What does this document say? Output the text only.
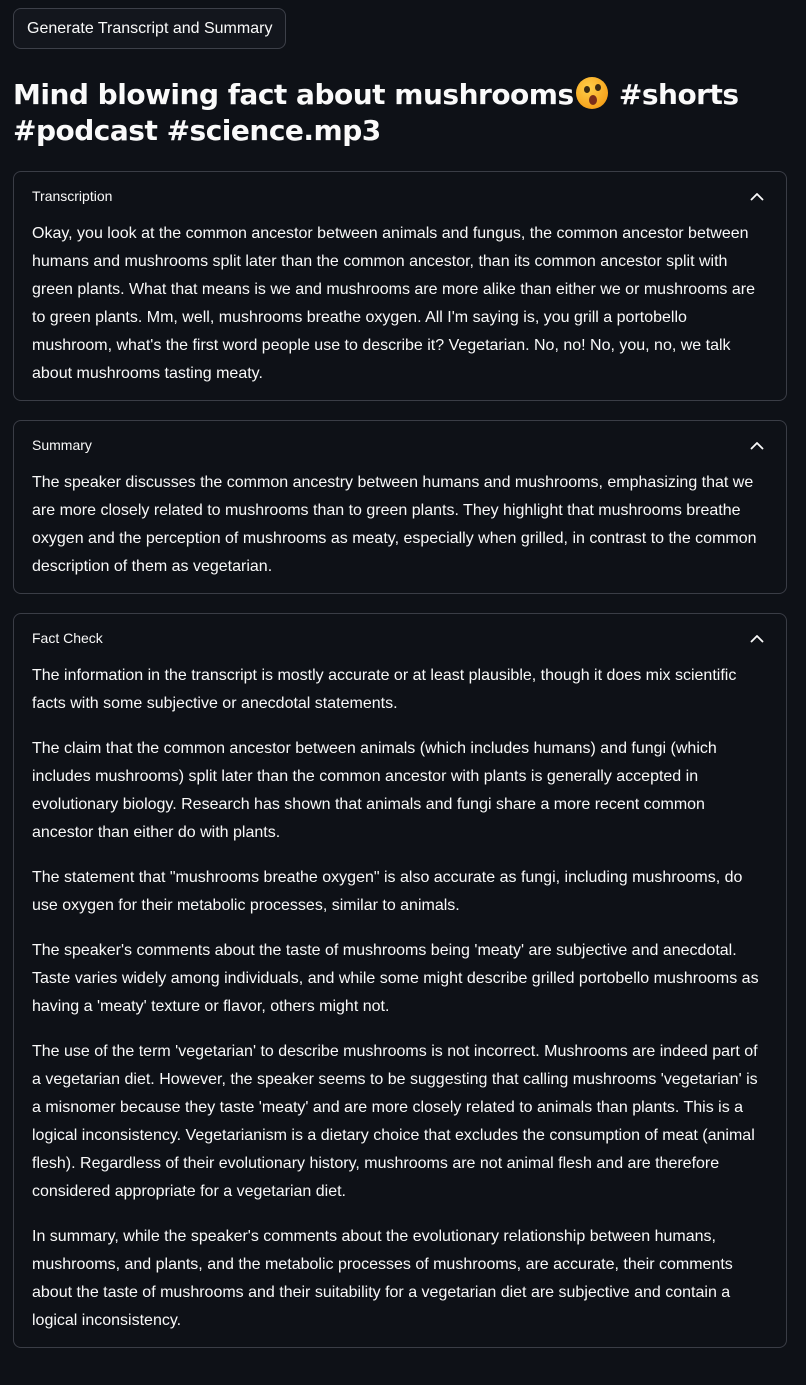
Generate Transcript and Summary
Mind blowing fact about mushrooms #shorts #podcast #science.mp3
Transcription

Okay, you look at the common ancestor between animals and fungus, the common ancestor between humans and mushrooms split later than the common ancestor, than its common ancestor split with green plants. What that means is we and mushrooms are more alike than either we or mushrooms are to green plants. Mm, well, mushrooms breathe oxygen. All I'm saying is, you grill a portobello mushroom, what's the first word people use to describe it? Vegetarian. No, no! No, you, no, we talk about mushrooms tasting meaty.

Summary

The speaker discusses the common ancestry between humans and mushrooms, emphasizing that we are more closely related to mushrooms than to green plants. They highlight that mushrooms breathe oxygen and the perception of mushrooms as meaty, especially when grilled, in contrast to the common description of them as vegetarian.

Fact Check

The information in the transcript is mostly accurate or at least plausible, though it does mix scientific facts with some subjective or anecdotal statements.

The claim that the common ancestor between animals (which includes humans) and fungi (which includes mushrooms) split later than the common ancestor with plants is generally accepted in evolutionary biology. Research has shown that animals and fungi share a more recent common ancestor than either do with plants.

The statement that "mushrooms breathe oxygen" is also accurate as fungi, including mushrooms, do use oxygen for their metabolic processes, similar to animals.

The speaker's comments about the taste of mushrooms being 'meaty' are subjective and anecdotal. Taste varies widely among individuals, and while some might describe grilled portobello mushrooms as having a 'meaty' texture or flavor, others might not.

The use of the term 'vegetarian' to describe mushrooms is not incorrect. Mushrooms are indeed part of a vegetarian diet. However, the speaker seems to be suggesting that calling mushrooms 'vegetarian' is a misnomer because they taste 'meaty' and are more closely related to animals than plants. This is a logical inconsistency. Vegetarianism is a dietary choice that excludes the consumption of meat (animal flesh). Regardless of their evolutionary history, mushrooms are not animal flesh and are therefore considered appropriate for a vegetarian diet.

In summary, while the speaker's comments about the evolutionary relationship between humans, mushrooms, and plants, and the metabolic processes of mushrooms, are accurate, their comments about the taste of mushrooms and their suitability for a vegetarian diet are subjective and contain a logical inconsistency.
